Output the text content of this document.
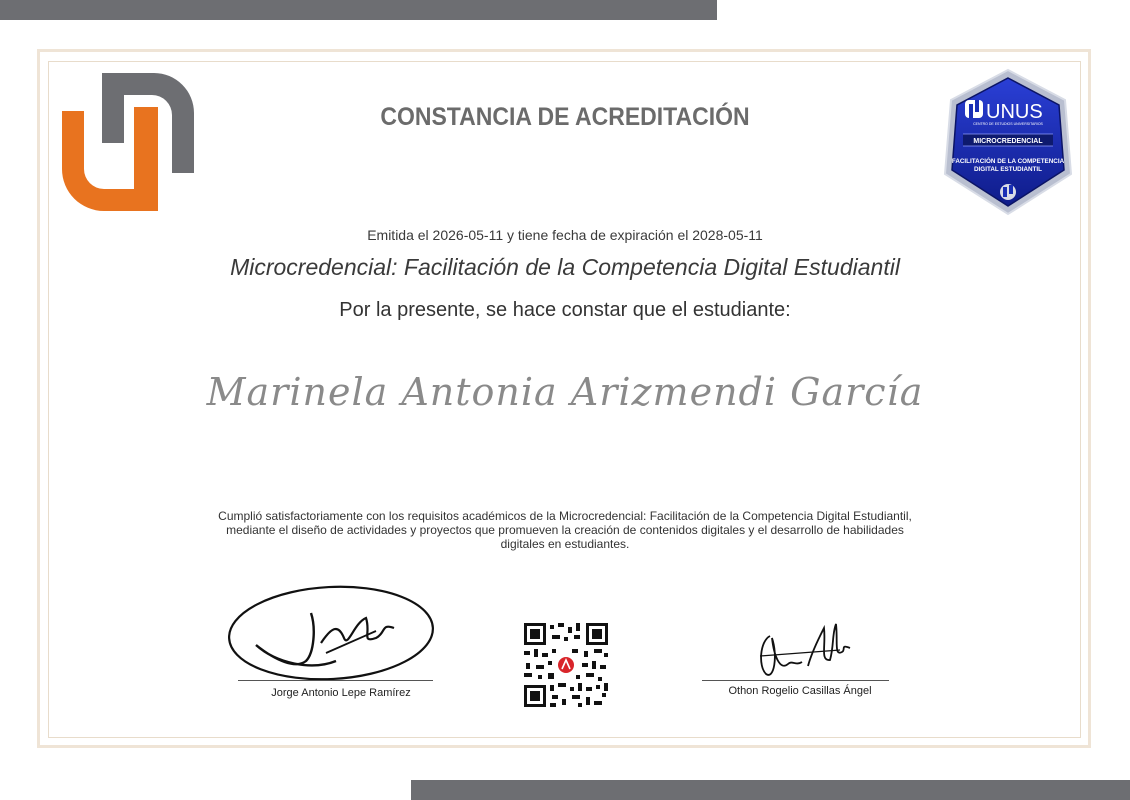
UNUS
CENTRO DE ESTUDIOS UNIVERSITARIOS
MICROCREDENCIAL
FACILITACIÓN DE LA COMPETENCIA
DIGITAL ESTUDIANTIL
CONSTANCIA DE ACREDITACIÓN
Emitida el 2026-05-11 y tiene fecha de expiración el 2028-05-11
Microcredencial: Facilitación de la Competencia Digital Estudiantil
Por la presente, se hace constar que el estudiante:
Marinela Antonia Arizmendi García
Cumplió satisfactoriamente con los requisitos académicos de la Microcredencial: Facilitación de la Competencia Digital Estudiantil, mediante el diseño de actividades y proyectos que promueven la creación de contenidos digitales y el desarrollo de habilidades digitales en estudiantes.
Jorge Antonio Lepe Ramírez	Othon Rogelio Casillas Ángel
